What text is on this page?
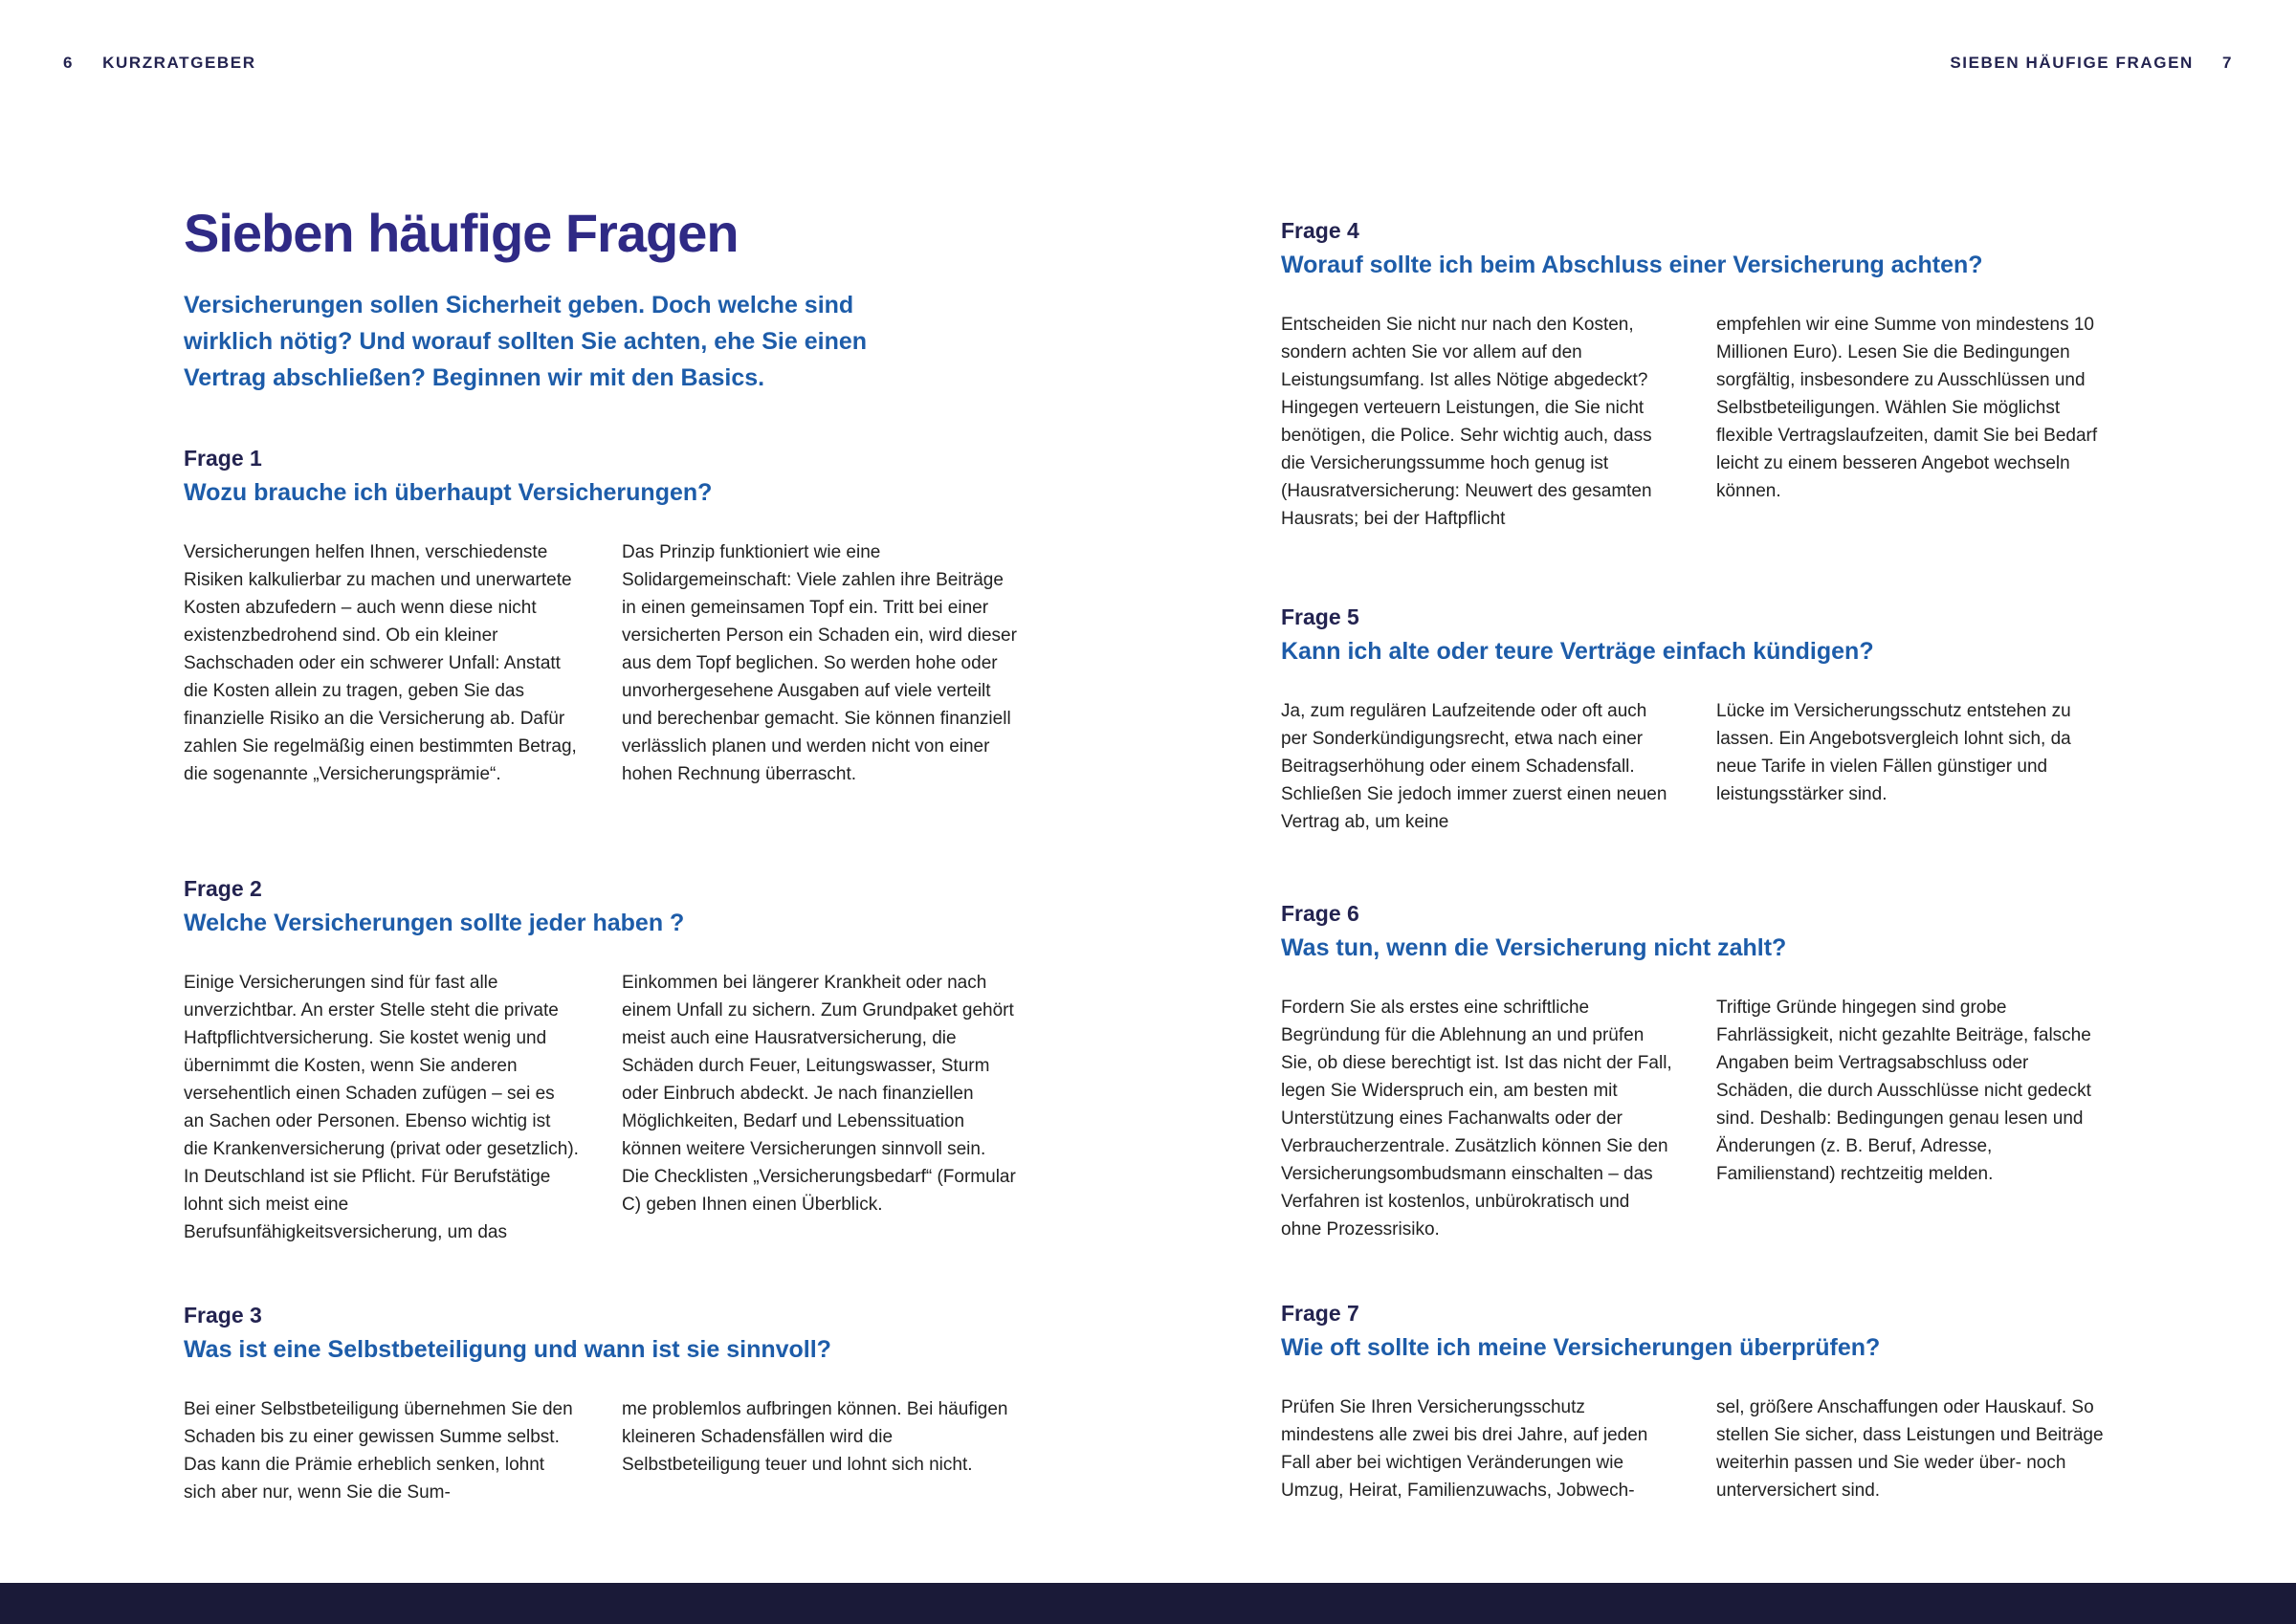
6 KURZRATGEBER	SIEBEN HÄUFIGE FRAGEN 7
Sieben häufige Fragen

Versicherungen sollen Sicherheit geben. Doch welche sind wirklich nötig? Und worauf sollten Sie achten, ehe Sie einen Vertrag abschließen? Beginnen wir mit den Basics.

Frage 1
Wozu brauche ich überhaupt Versicherungen?

Versicherungen helfen Ihnen, verschiedenste Risiken kalkulierbar zu machen und unerwartete Kosten abzufedern – auch wenn diese nicht existenzbedrohend sind. Ob ein kleiner Sachschaden oder ein schwerer Unfall: Anstatt die Kosten allein zu tragen, geben Sie das finanzielle Risiko an die Versicherung ab. Dafür zahlen Sie regelmäßig einen bestimmten Betrag, die sogenannte „Versicherungsprämie“.

Das Prinzip funktioniert wie eine Solidargemeinschaft: Viele zahlen ihre Beiträge in einen gemeinsamen Topf ein. Tritt bei einer versicherten Person ein Schaden ein, wird dieser aus dem Topf beglichen. So werden hohe oder unvorhergesehene Ausgaben auf viele verteilt und berechenbar gemacht. Sie können finanziell verlässlich planen und werden nicht von einer hohen Rechnung überrascht.

Frage 2
Welche Versicherungen sollte jeder haben ?

Einige Versicherungen sind für fast alle unverzichtbar. An erster Stelle steht die private Haftpflichtversicherung. Sie kostet wenig und übernimmt die Kosten, wenn Sie anderen versehentlich einen Schaden zufügen – sei es an Sachen oder Personen. Ebenso wichtig ist die Krankenversicherung (privat oder gesetzlich). In Deutschland ist sie Pflicht. Für Berufstätige lohnt sich meist eine Berufsunfähigkeitsversicherung, um das

Einkommen bei längerer Krankheit oder nach einem Unfall zu sichern. Zum Grundpaket gehört meist auch eine Hausratversicherung, die Schäden durch Feuer, Leitungswasser, Sturm oder Einbruch abdeckt. Je nach finanziellen Möglichkeiten, Bedarf und Lebenssituation können weitere Versicherungen sinnvoll sein. Die Checklisten „Versicherungsbedarf“ (Formular C) geben Ihnen einen Überblick.

Frage 3
Was ist eine Selbstbeteiligung und wann ist sie sinnvoll?

Bei einer Selbstbeteiligung übernehmen Sie den Schaden bis zu einer gewissen Summe selbst. Das kann die Prämie erheblich senken, lohnt sich aber nur, wenn Sie die Sum-

me problemlos aufbringen können. Bei häufigen kleineren Schadensfällen wird die Selbstbeteiligung teuer und lohnt sich nicht.

Frage 4
Worauf sollte ich beim Abschluss einer Versicherung achten?

Entscheiden Sie nicht nur nach den Kosten, sondern achten Sie vor allem auf den Leistungsumfang. Ist alles Nötige abgedeckt? Hingegen verteuern Leistungen, die Sie nicht benötigen, die Police. Sehr wichtig auch, dass die Versicherungssumme hoch genug ist (Hausratversicherung: Neuwert des gesamten Hausrats; bei der Haftpflicht

empfehlen wir eine Summe von mindestens 10 Millionen Euro). Lesen Sie die Bedingungen sorgfältig, insbesondere zu Ausschlüssen und Selbstbeteiligungen. Wählen Sie möglichst flexible Vertragslaufzeiten, damit Sie bei Bedarf leicht zu einem besseren Angebot wechseln können.

Frage 5
Kann ich alte oder teure Verträge einfach kündigen?

Ja, zum regulären Laufzeitende oder oft auch per Sonderkündigungsrecht, etwa nach einer Beitragserhöhung oder einem Schadensfall. Schließen Sie jedoch immer zuerst einen neuen Vertrag ab, um keine

Lücke im Versicherungsschutz entstehen zu lassen. Ein Angebotsvergleich lohnt sich, da neue Tarife in vielen Fällen günstiger und leistungsstärker sind.

Frage 6
Was tun, wenn die Versicherung nicht zahlt?

Fordern Sie als erstes eine schriftliche Begründung für die Ablehnung an und prüfen Sie, ob diese berechtigt ist. Ist das nicht der Fall, legen Sie Widerspruch ein, am besten mit Unterstützung eines Fachanwalts oder der Verbraucherzentrale. Zusätzlich können Sie den Versicherungsombudsmann einschalten – das Verfahren ist kostenlos, unbürokratisch und ohne Prozessrisiko.

Triftige Gründe hingegen sind grobe Fahrlässigkeit, nicht gezahlte Beiträge, falsche Angaben beim Vertragsabschluss oder Schäden, die durch Ausschlüsse nicht gedeckt sind. Deshalb: Bedingungen genau lesen und Änderungen (z. B. Beruf, Adresse, Familienstand) rechtzeitig melden.

Frage 7
Wie oft sollte ich meine Versicherungen überprüfen?

Prüfen Sie Ihren Versicherungsschutz mindestens alle zwei bis drei Jahre, auf jeden Fall aber bei wichtigen Veränderungen wie Umzug, Heirat, Familienzuwachs, Jobwech-

sel, größere Anschaffungen oder Hauskauf. So stellen Sie sicher, dass Leistungen und Beiträge weiterhin passen und Sie weder über- noch unterversichert sind.
